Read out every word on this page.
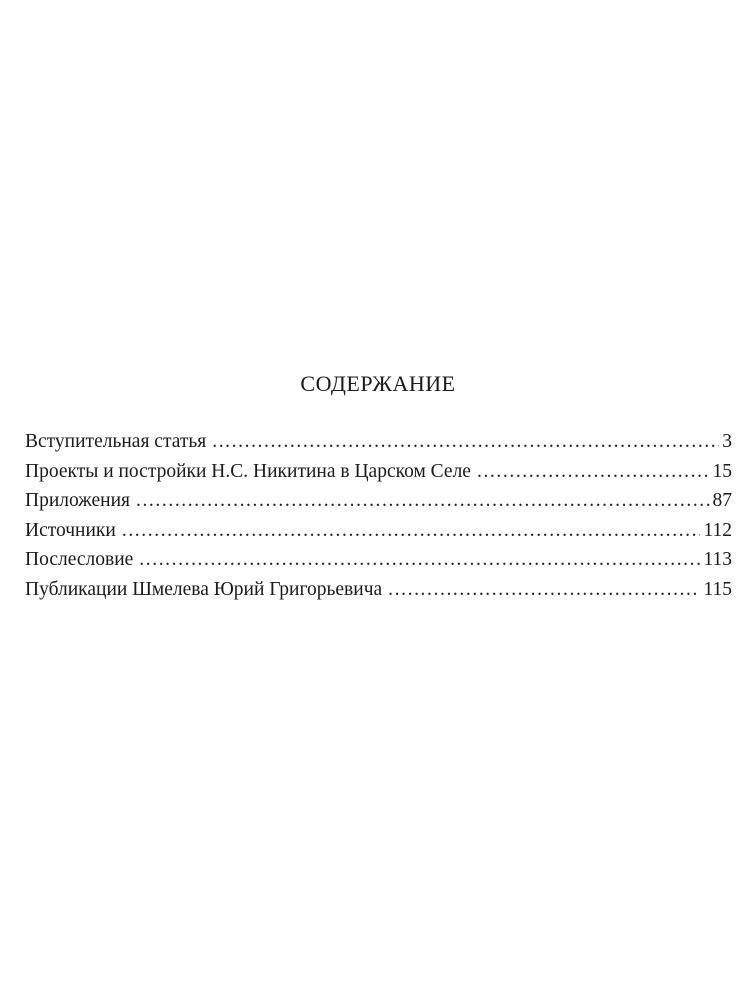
СОДЕРЖАНИЕ
Вступительная статья .....	3
Проекты и постройки Н.С. Никитина в Царском Селе .....	15
Приложения .....	87
Источники .....	112
Послесловие .....	113
Публикации Шмелева Юрий Григорьевича .....	115
